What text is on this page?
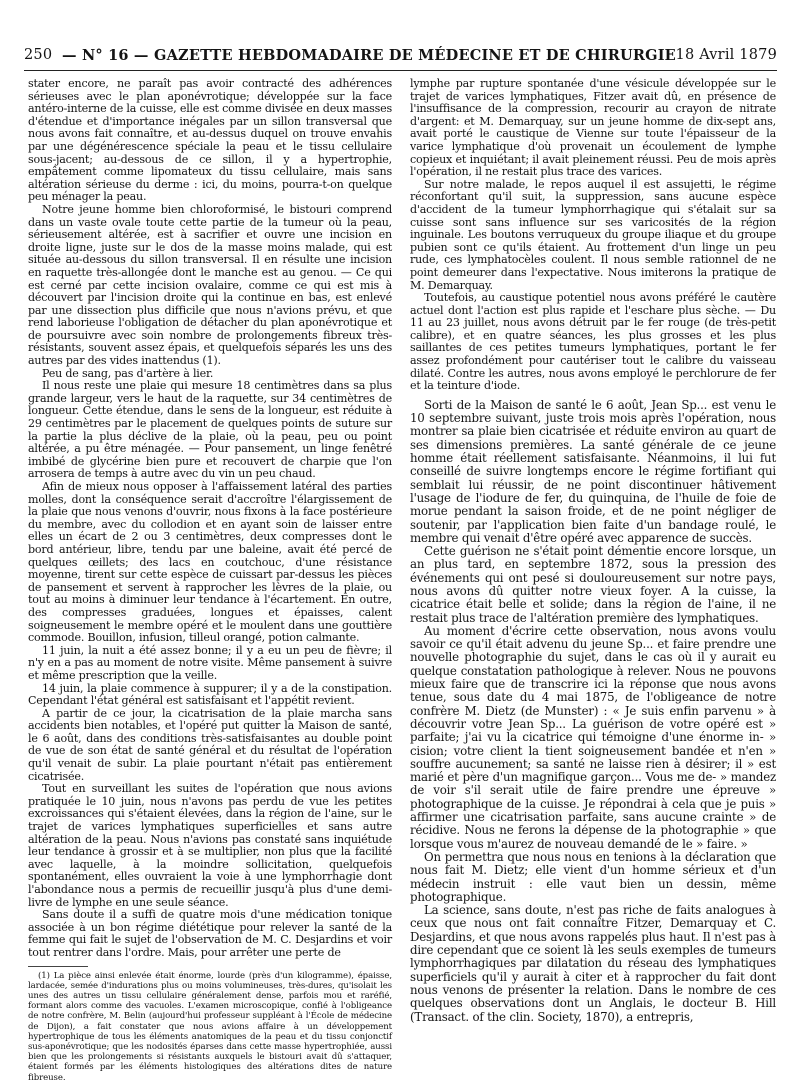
250 — N° 16 — GAZETTE HEBDOMADAIRE DE MÉDECINE ET DE CHIRURGIE 18 Avril 1879

stater encore, ne paraît pas avoir contracté des adhérences sérieuses avec le plan aponévrotique; développée sur la face antéro-interne de la cuisse, elle est comme divisée en deux masses d'étendue et d'importance inégales par un sillon transversal que nous avons fait connaître, et au-dessus duquel on trouve envahis par une dégénérescence spéciale la peau et le tissu cellulaire sous-jacent; au-dessous de ce sillon, il y a hypertrophie, empâtement comme lipomateux du tissu cellulaire, mais sans altération sérieuse du derme : ici, du moins, pourra-t-on quelque peu ménager la peau.

Notre jeune homme bien chloroformisé, le bistouri comprend dans un vaste ovale toute cette partie de la tumeur où la peau, sérieusement altérée, est à sacrifier et ouvre une incision en droite ligne, juste sur le dos de la masse moins malade, qui est située au-dessous du sillon transversal. Il en résulte une incision en raquette très-allongée dont le manche est au genou. — Ce qui est cerné par cette incision ovalaire, comme ce qui est mis à découvert par l'incision droite qui la continue en bas, est enlevé par une dissection plus difficile que nous n'avions prévu, et que rend laborieuse l'obligation de détacher du plan aponévrotique et de poursuivre avec soin nombre de prolongements fibreux très-résistants, souvent assez épais, et quelquefois séparés les uns des autres par des vides inattendus (1).

Peu de sang, pas d'artère à lier.

Il nous reste une plaie qui mesure 18 centimètres dans sa plus grande largeur, vers le haut de la raquette, sur 34 centimètres de longueur. Cette étendue, dans le sens de la longueur, est réduite à 29 centimètres par le placement de quelques points de suture sur la partie la plus déclive de la plaie, où la peau, peu ou point altérée, a pu être ménagée. — Pour pansement, un linge fenêtré imbibé de glycérine bien pure et recouvert de charpie que l'on arrosera de temps à autre avec du vin un peu chaud.

Afin de mieux nous opposer à l'affaissement latéral des parties molles, dont la conséquence serait d'accroître l'élargissement de la plaie que nous venons d'ouvrir, nous fixons à la face postérieure du membre, avec du collodion et en ayant soin de laisser entre elles un écart de 2 ou 3 centimètres, deux compresses dont le bord antérieur, libre, tendu par une baleine, avait été percé de quelques œillets; des lacs en coutchouc, d'une résistance moyenne, tirent sur cette espèce de cuissart par-dessus les pièces de pansement et servent à rapprocher les lèvres de la plaie, ou tout au moins à diminuer leur tendance à l'écartement. En outre, des compresses graduées, longues et épaisses, calent soigneusement le membre opéré et le moulent dans une gouttière commode. Bouillon, infusion, tilleul orangé, potion calmante.

11 juin, la nuit a été assez bonne; il y a eu un peu de fièvre; il n'y en a pas au moment de notre visite. Même pansement à suivre et même prescription que la veille.

14 juin, la plaie commence à suppurer; il y a de la constipation. Cependant l'état général est satisfaisant et l'appétit revient.

A partir de ce jour, la cicatrisation de la plaie marcha sans accidents bien notables, et l'opéré put quitter la Maison de santé, le 6 août, dans des conditions très-satisfaisantes au double point de vue de son état de santé général et du résultat de l'opération qu'il venait de subir. La plaie pourtant n'était pas entièrement cicatrisée.

Tout en surveillant les suites de l'opération que nous avions pratiquée le 10 juin, nous n'avons pas perdu de vue les petites excroissances qui s'étaient élevées, dans la région de l'aine, sur le trajet de varices lymphatiques superficielles et sans autre altération de la peau. Nous n'avions pas constaté sans inquiétude leur tendance à grossir et à se multiplier, non plus que la facilité avec laquelle, à la moindre sollicitation, quelquefois spontanément, elles ouvraient la voie à une lymphorrhagie dont l'abondance nous a permis de recueillir jusqu'à plus d'une demi-livre de lymphe en une seule séance.

Sans doute il a suffi de quatre mois d'une médication tonique associée à un bon régime diététique pour relever la santé de la femme qui fait le sujet de l'observation de M. C. Desjardins et voir tout rentrer dans l'ordre. Mais, pour arrêter une perte de

(1) La pièce ainsi enlevée était énorme, lourde (près d'un kilogramme), épaisse, lardacée, semée d'indurations plus ou moins volumineuses, très-dures, qu'isolait les unes des autres un tissu cellulaire généralement dense, parfois mou et raréfié, formant alors comme des vacuoles. L'examen microscopique, confié à l'obligeance de notre confrère, M. Belin (aujourd'hui professeur suppléant à l'École de médecine de Dijon), a fait constater que nous avions affaire à un développement hypertrophique de tous les éléments anatomiques de la peau et du tissu conjonctif sus-aponévrotique; que les nodosités éparses dans cette masse hypertrophiée, aussi bien que les prolongements si résistants auxquels le bistouri avait dû s'attaquer, étaient formés par les éléments histologiques des altérations dites de nature fibreuse.

lymphe par rupture spontanée d'une vésicule développée sur le trajet de varices lymphatiques, Fitzer avait dû, en présence de l'insuffisance de la compression, recourir au crayon de nitrate d'argent: et M. Demarquay, sur un jeune homme de dix-sept ans, avait porté le caustique de Vienne sur toute l'épaisseur de la varice lymphatique d'où provenait un écoulement de lymphe copieux et inquiétant; il avait pleinement réussi. Peu de mois après l'opération, il ne restait plus trace des varices.

Sur notre malade, le repos auquel il est assujetti, le régime réconfortant qu'il suit, la suppression, sans aucune espèce d'accident de la tumeur lymphorrhagique qui s'étalait sur sa cuisse sont sans influence sur ses varicosités de la région inguinale. Les boutons verruqueux du groupe iliaque et du groupe pubien sont ce qu'ils étaient. Au frottement d'un linge un peu rude, ces lymphatocèles coulent. Il nous semble rationnel de ne point demeurer dans l'expectative. Nous imiterons la pratique de M. Demarquay.

Toutefois, au caustique potentiel nous avons préféré le cautère actuel dont l'action est plus rapide et l'eschare plus sèche. — Du 11 au 23 juillet, nous avons détruit par le fer rouge (de très-petit calibre), et en quatre séances, les plus grosses et les plus saillantes de ces petites tumeurs lymphatiques, portant le fer assez profondément pour cautériser tout le calibre du vaisseau dilaté. Contre les autres, nous avons employé le perchlorure de fer et la teinture d'iode.

Sorti de la Maison de santé le 6 août, Jean Sp... est venu le 10 septembre suivant, juste trois mois après l'opération, nous montrer sa plaie bien cicatrisée et réduite environ au quart de ses dimensions premières. La santé générale de ce jeune homme était réellement satisfaisante. Néanmoins, il lui fut conseillé de suivre longtemps encore le régime fortifiant qui semblait lui réussir, de ne point discontinuer hâtivement l'usage de l'iodure de fer, du quinquina, de l'huile de foie de morue pendant la saison froide, et de ne point négliger de soutenir, par l'application bien faite d'un bandage roulé, le membre qui venait d'être opéré avec apparence de succès.

Cette guérison ne s'était point démentie encore lorsque, un an plus tard, en septembre 1872, sous la pression des événements qui ont pesé si douloureusement sur notre pays, nous avons dû quitter notre vieux foyer. A la cuisse, la cicatrice était belle et solide; dans la région de l'aine, il ne restait plus trace de l'altération première des lymphatiques.

Au moment d'écrire cette observation, nous avons voulu savoir ce qu'il était advenu du jeune Sp... et faire prendre une nouvelle photographie du sujet, dans le cas où il y aurait eu quelque constatation pathologique à relever. Nous ne pouvons mieux faire que de transcrire ici la réponse que nous avons tenue, sous date du 4 mai 1875, de l'obligeance de notre confrère M. Dietz (de Munster) : « Je suis enfin parvenu » à découvrir votre Jean Sp... La guérison de votre opéré est » parfaite; j'ai vu la cicatrice qui témoigne d'une énorme in- » cision; votre client la tient soigneusement bandée et n'en » souffre aucunement; sa santé ne laisse rien à désirer; il » est marié et père d'un magnifique garçon... Vous me de- » mandez de voir s'il serait utile de faire prendre une épreuve » photographique de la cuisse. Je répondrai à cela que je puis » affirmer une cicatrisation parfaite, sans aucune crainte » de récidive. Nous ne ferons la dépense de la photographie » que lorsque vous m'aurez de nouveau demandé de le » faire. »

On permettra que nous nous en tenions à la déclaration que nous fait M. Dietz; elle vient d'un homme sérieux et d'un médecin instruit : elle vaut bien un dessin, même photographique.

La science, sans doute, n'est pas riche de faits analogues à ceux que nous ont fait connaître Fitzer, Demarquay et C. Desjardins, et que nous avons rappelés plus haut. Il n'est pas à dire cependant que ce soient là les seuls exemples de tumeurs lymphorrhagiques par dilatation du réseau des lymphatiques superficiels qu'il y aurait à citer et à rapprocher du fait dont nous venons de présenter la relation. Dans le nombre de ces quelques observations dont un Anglais, le docteur B. Hill (Transact. of the clin. Society, 1870), a entrepris,
